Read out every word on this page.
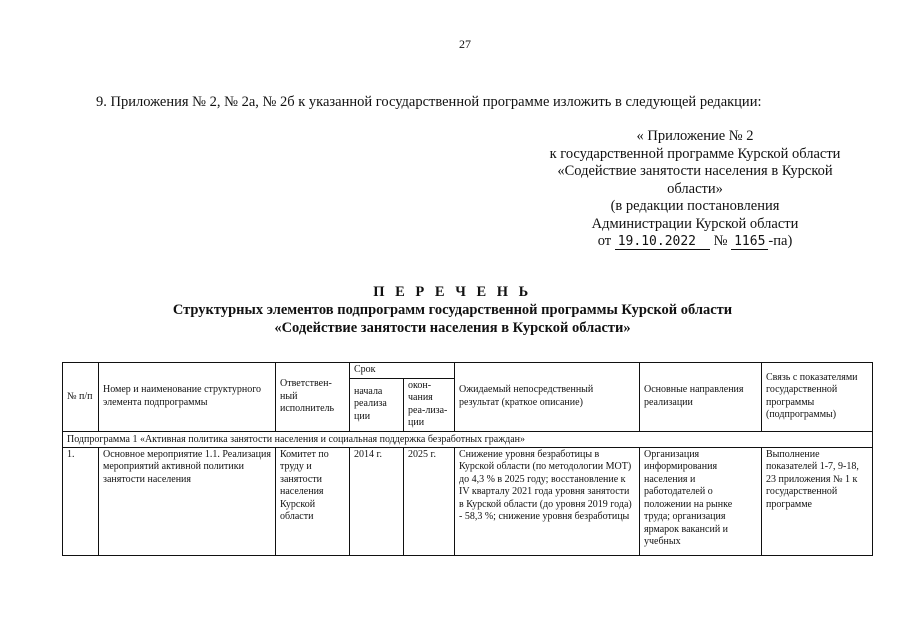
27
9. Приложения № 2, № 2а, № 2б к указанной государственной программе изложить в следующей редакции:
« Приложение № 2
к государственной программе Курской области
«Содействие занятости населения в Курской
области»
(в редакции постановления
Администрации Курской области
от 19.10.2022 № 1165 -па)
П Е Р Е Ч Е Н Ь
Структурных элементов подпрограмм государственной программы Курской области
«Содействие занятости населения в Курской области»
№ п/п	Номер и наименование структурного элемента подпрограммы	Ответствен-ный исполнитель	Срок		Ожидаемый непосредственный результат (краткое описание)	Основные направления реализации	Связь с показателями государственной программы (подпрограммы)
			начала реализа ции	окон-чания реа-лиза-ции			
Подпрограмма 1 «Активная политика занятости населения и социальная поддержка безработных граждан»							
1.	Основное мероприятие 1.1. Реализация мероприятий активной политики занятости населения	Комитет по труду и занятости населения Курской области	2014 г.	2025 г.	Снижение уровня безработицы в Курской области (по методологии МОТ) до 4,3 % в 2025 году; восстановление к IV кварталу 2021 года уровня занятости в Курской области (до уровня 2019 года) - 58,3 %; снижение уровня безработицы	Организация информирования населения и работодателей о положении на рынке труда; организация ярмарок вакансий и учебных	Выполнение показателей 1-7, 9-18, 23 приложения № 1 к государственной программе
